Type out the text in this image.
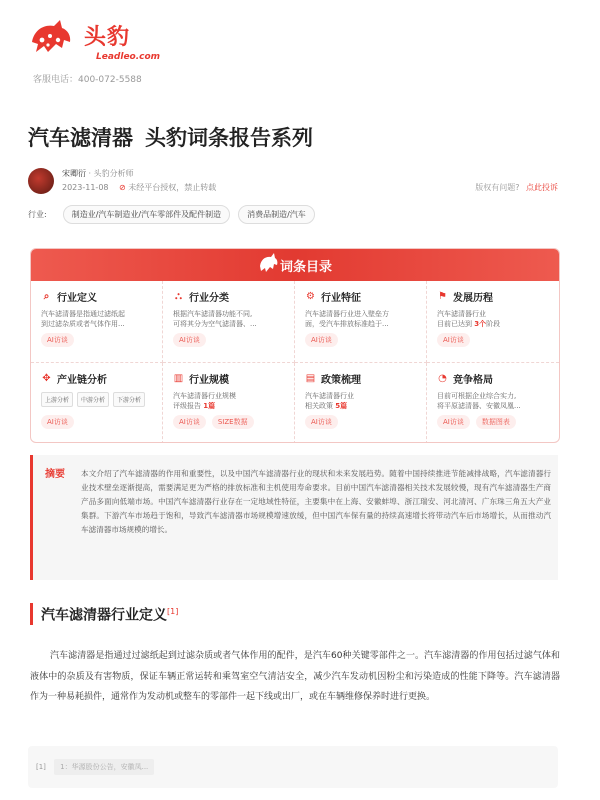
头豹
Leadleo.com
客服电话：400-072-5588
汽车滤清器 头豹词条报告系列
宋卿衍 · 头豹分析师
2023-11-08 ⊘ 未经平台授权，禁止转载	版权有问题? 点此投诉
行业:	制造业/汽车制造业/汽车零部件及配件制造	消费品制造/汽车
词条目录
⌕ 行业定义
汽车滤清器是指通过滤纸起
到过滤杂质或者气体作用...
AI访谈
⛬ 行业分类
根据汽车滤清器功能不同,
可将其分为空气滤清器、...
AI访谈
⚙ 行业特征
汽车滤清器行业进入壁垒方
面，受汽车排放标准趋于...
AI访谈
⚑ 发展历程
汽车滤清器行业
目前已达到 3个阶段
AI访谈
✥ 产业链分析
上游分析	中游分析	下游分析
AI访谈
▥ 行业规模
汽车滤清器行业规模
评级报告 1篇
AI访谈	SIZE数据
▤ 政策梳理
汽车滤清器行业
相关政策 5篇
AI访谈
◔ 竞争格局
目前可根据企业综合实力,
将平原滤清器、安徽凤凰...
AI访谈	数据图表
摘要 本文介绍了汽车滤清器的作用和重要性，以及中国汽车滤清器行业的现状和未来发展趋势。随着中国持续推进节能减排战略，汽车滤清器行业技术壁垒逐渐提高，需要满足更为严格的排放标准和主机使用寿命要求。目前中国汽车滤清器相关技术发展较慢，现有汽车滤清器生产商产品多面向低端市场。中国汽车滤清器行业存在一定地域性特征，主要集中在上海、安徽蚌埠、浙江瑞安、河北清河、广东珠三角五大产业集群。下游汽车市场趋于饱和，导致汽车滤清器市场规模增速放缓，但中国汽车保有量的持续高速增长将带动汽车后市场增长，从而推动汽车滤清器市场规模的增长。
汽车滤清器行业定义[1]
汽车滤清器是指通过过滤纸起到过滤杂质或者气体作用的配件，是汽车60种关键零部件之一。汽车滤清器的作用包括过滤气体和液体中的杂质及有害物质，保证车辆正常运转和乘驾室空气清洁安全，减少汽车发动机因粉尘和污染造成的性能下降等。汽车滤清器作为一种易耗损件，通常作为发动机或整车的零部件一起下线或出厂，或在车辆维修保养时进行更换。
[1] 1：华源股份公告，安徽凤...
